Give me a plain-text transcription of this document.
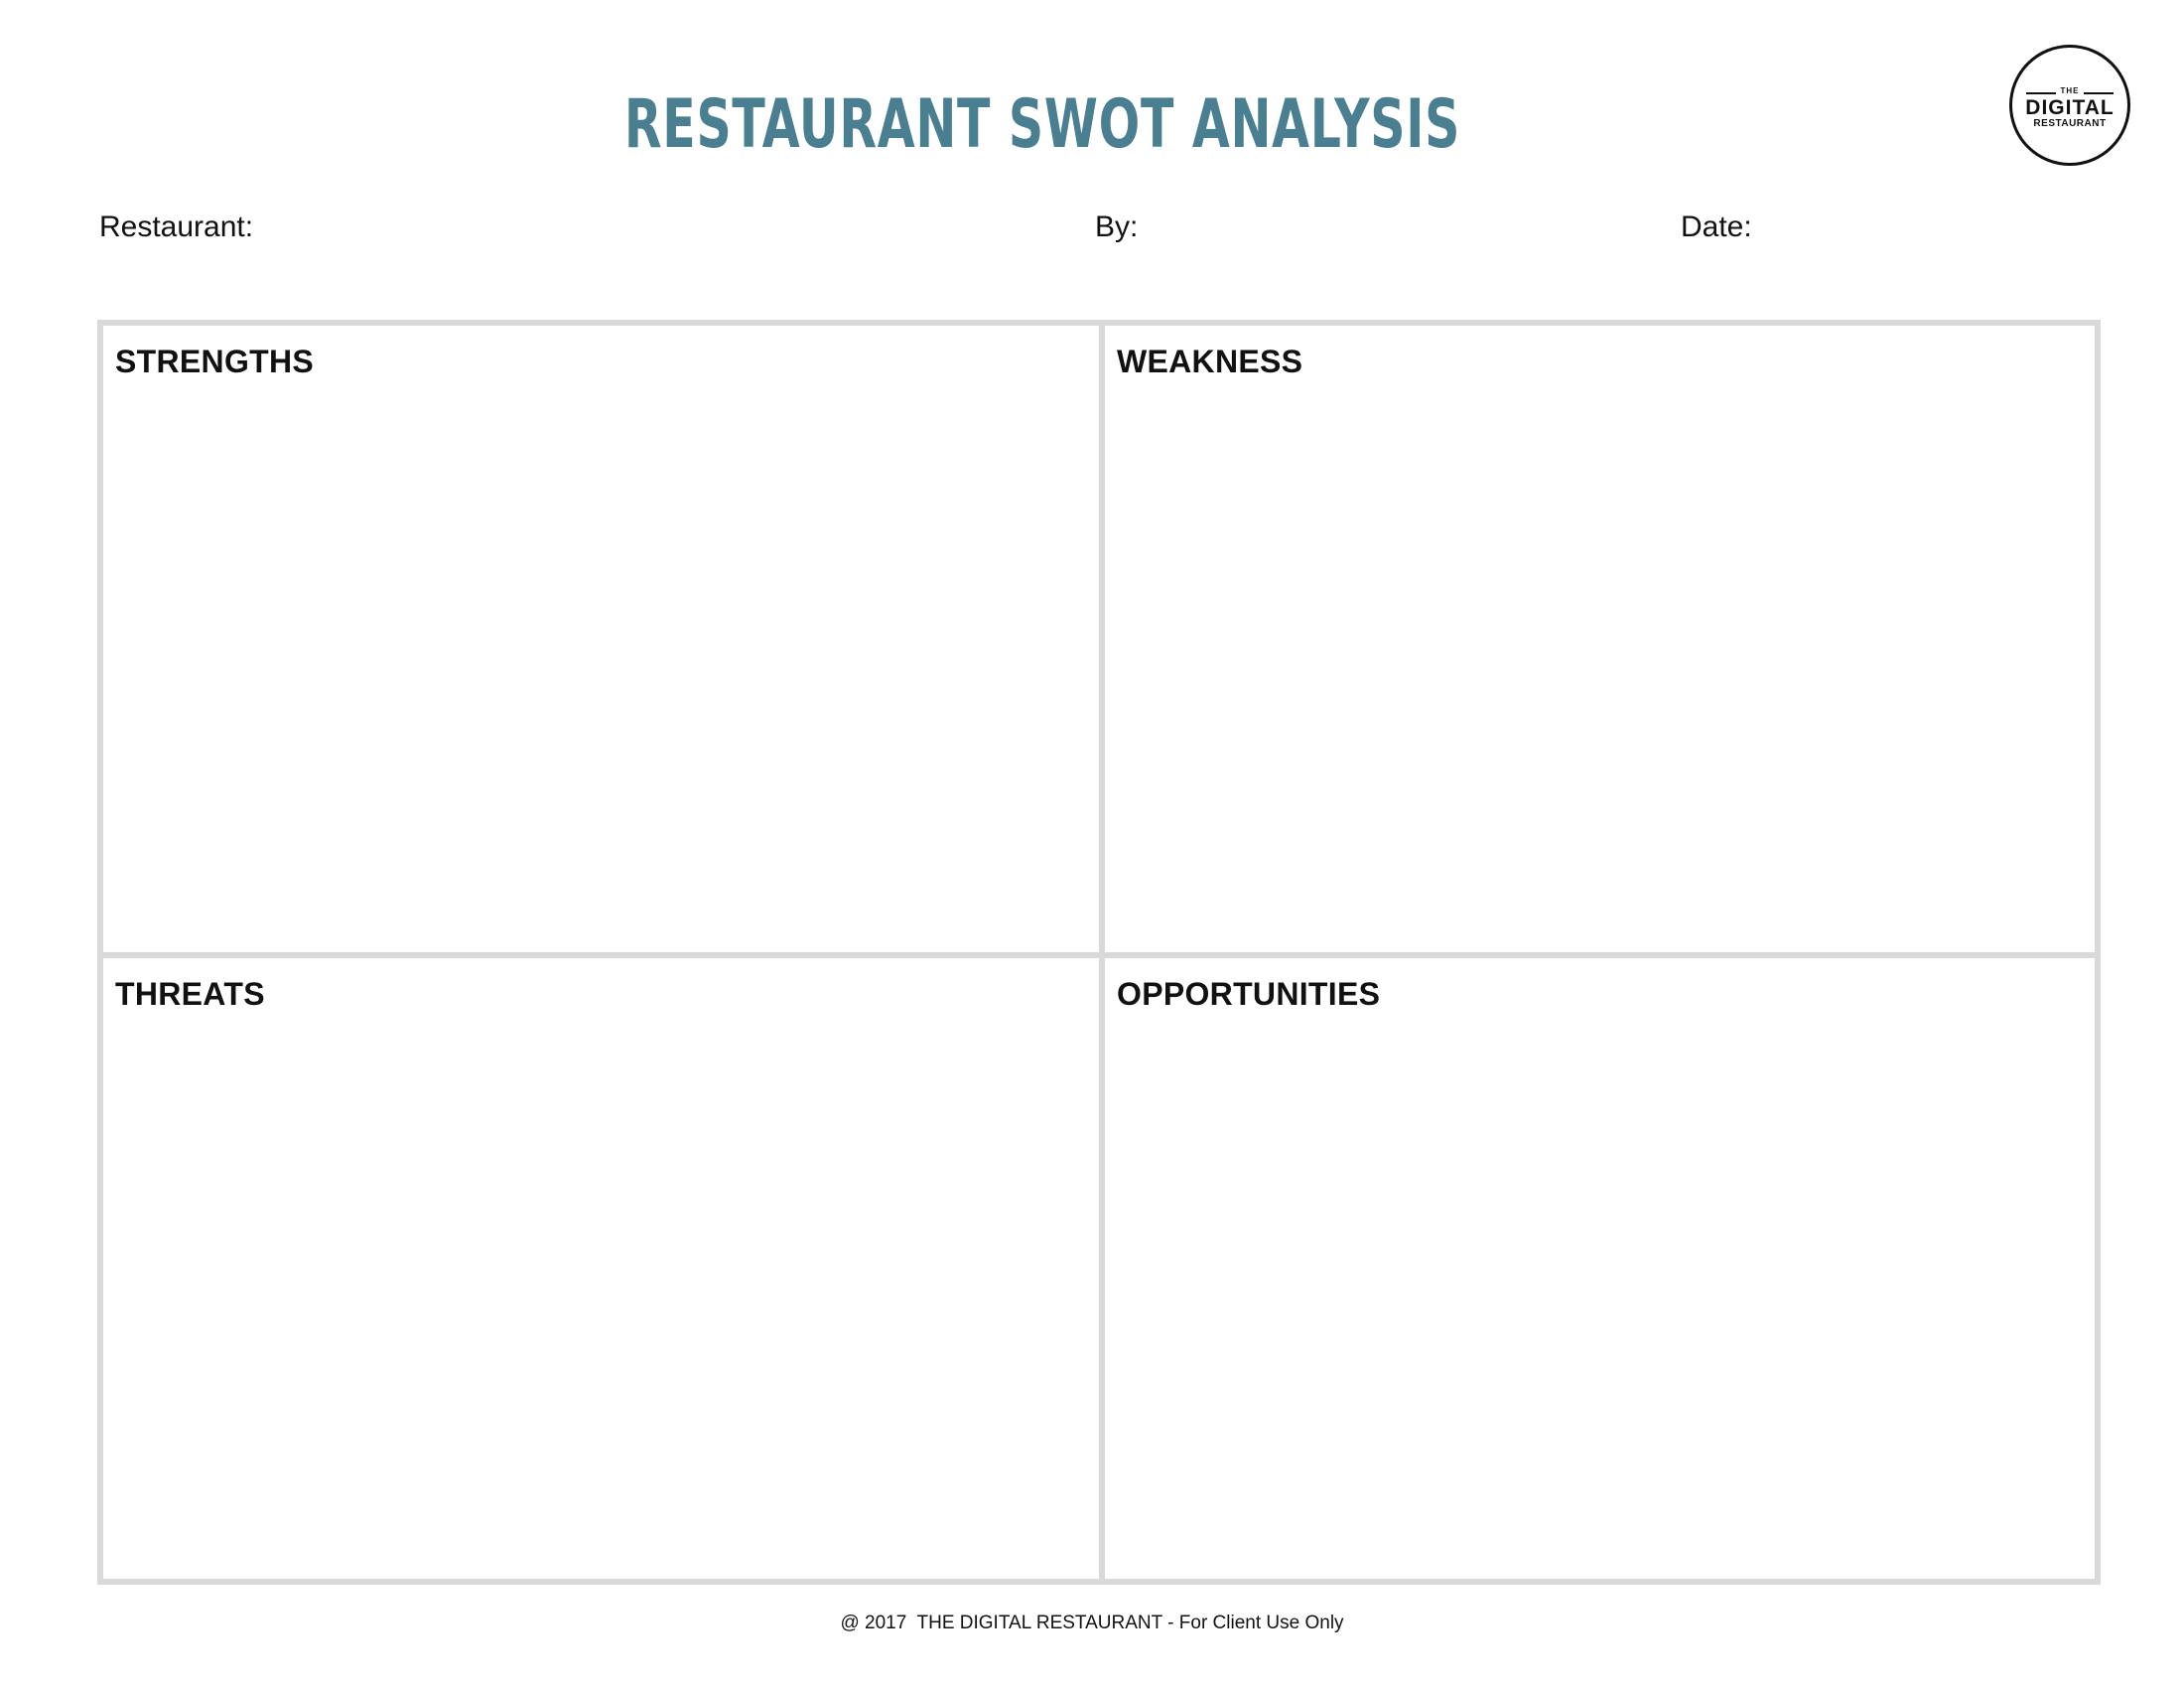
RESTAURANT SWOT ANALYSIS	THE
DIGITAL
RESTAURANT
Restaurant:	By:	Date:
STRENGTHS	WEAKNESS
THREATS	OPPORTUNITIES
@ 2017  THE DIGITAL RESTAURANT - For Client Use Only
